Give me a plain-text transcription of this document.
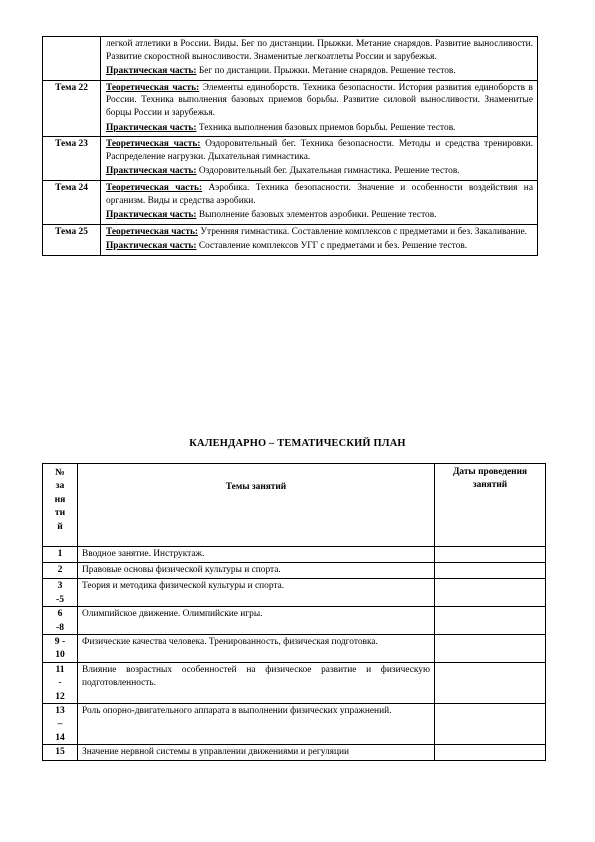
	легкой атлетики в России. Виды. Бег по дистанции. Прыжки. Метание снарядов. Развитие выносливости. Развитие скоростной выносливости. Знаменитые легкоатлеты России и зарубежья.

Практическая часть: Бег по дистанции. Прыжки. Метание снарядов. Решение тестов.

Тема 22	Теоретическая часть: Элементы единоборств. Техника безопасности. История развития единоборств в России. Техника выполнения базовых приемов борьбы. Развитие силовой выносливости. Знаменитые борцы России и зарубежья.

Практическая часть: Техника выполнения базовых приемов борьбы. Решение тестов.

Тема 23	Теоретическая часть: Оздоровительный бег. Техника безопасности. Методы и средства тренировки. Распределение нагрузки. Дыхательная гимнастика.

Практическая часть: Оздоровительный бег. Дыхательная гимнастика. Решение тестов.

Тема 24	Теоретическая часть: Аэробика. Техника безопасности. Значение и особенности воздействия на организм. Виды и средства аэробики.

Практическая часть: Выполнение базовых элементов аэробики. Решение тестов.

Тема 25	Теоретическая часть: Утренняя гимнастика. Составление комплексов с предметами и без. Закаливание.

Практическая часть: Составление комплексов УГГ с предметами и без. Решение тестов.

КАЛЕНДАРНО – ТЕМАТИЧЕСКИЙ ПЛАН
№
за
ня
ти
й	Темы занятий	Даты проведения занятий

1	Вводное занятие. Инструктаж.	

2	Правовые основы физической культуры и спорта.	

3
-5	Теория и методика физической культуры и спорта.	

6
-8	Олимпийское движение. Олимпийские игры.	

9 -
10	Физические качества человека. Тренированность, физическая подготовка.	

11
-
12	Влияние возрастных особенностей на физическое развитие и физическую подготовленность.	

13
–
14	Роль опорно-двигательного аппарата в выполнении физических упражнений.	

15	Значение нервной системы в управлении движениями и регуляции	
